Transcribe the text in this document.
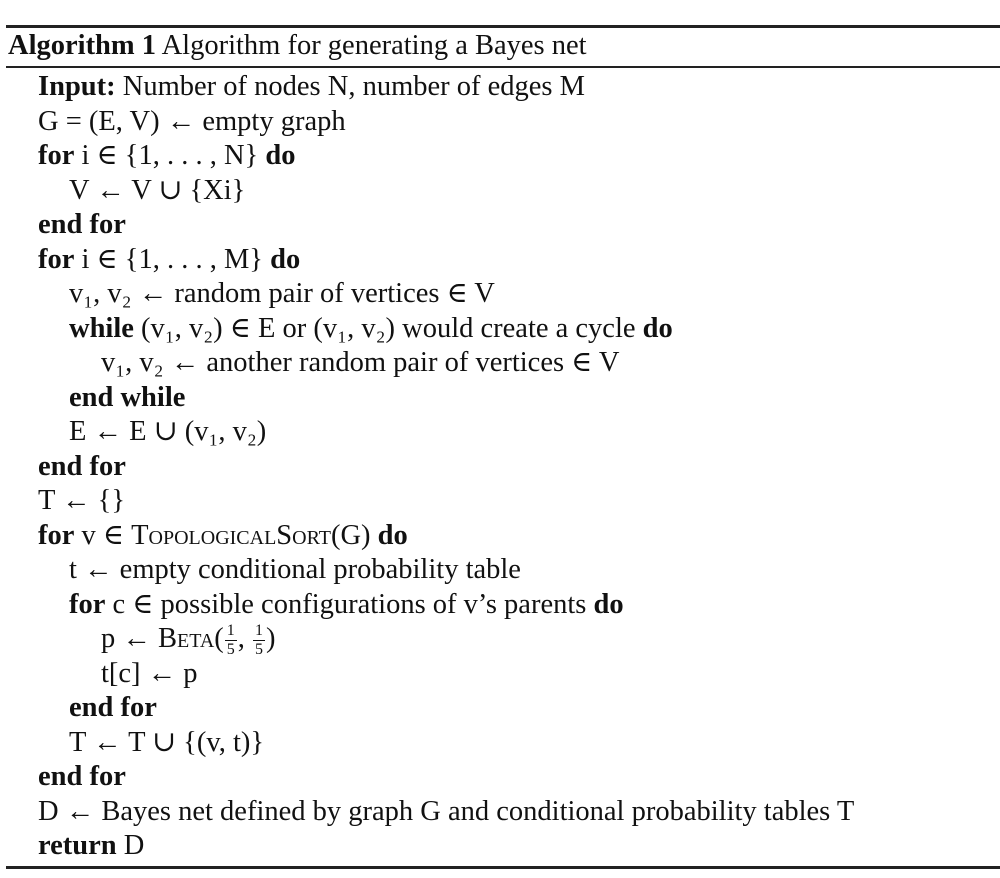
Algorithm 1 Algorithm for generating a Bayes net
Input: Number of nodes N, number of edges M
G = (E, V) ← empty graph
for i ∈ {1, . . . , N} do
V ← V ∪ {Xi}
end for
for i ∈ {1, . . . , M} do
v₁, v₂ ← random pair of vertices ∈ V
while (v₁, v₂) ∈ E or (v₁, v₂) would create a cycle do
v₁, v₂ ← another random pair of vertices ∈ V
end while
E ← E ∪ (v₁, v₂)
end for
T ← {}
for v ∈ TopologicalSort(G) do
t ← empty conditional probability table
for c ∈ possible configurations of v’s parents do
p ← Beta( $\frac{1}{5}$ , $\frac{1}{5}$ )
t[c] ← p
end for
T ← T ∪ {(v, t)}
end for
D ← Bayes net defined by graph G and conditional probability tables T
return D
